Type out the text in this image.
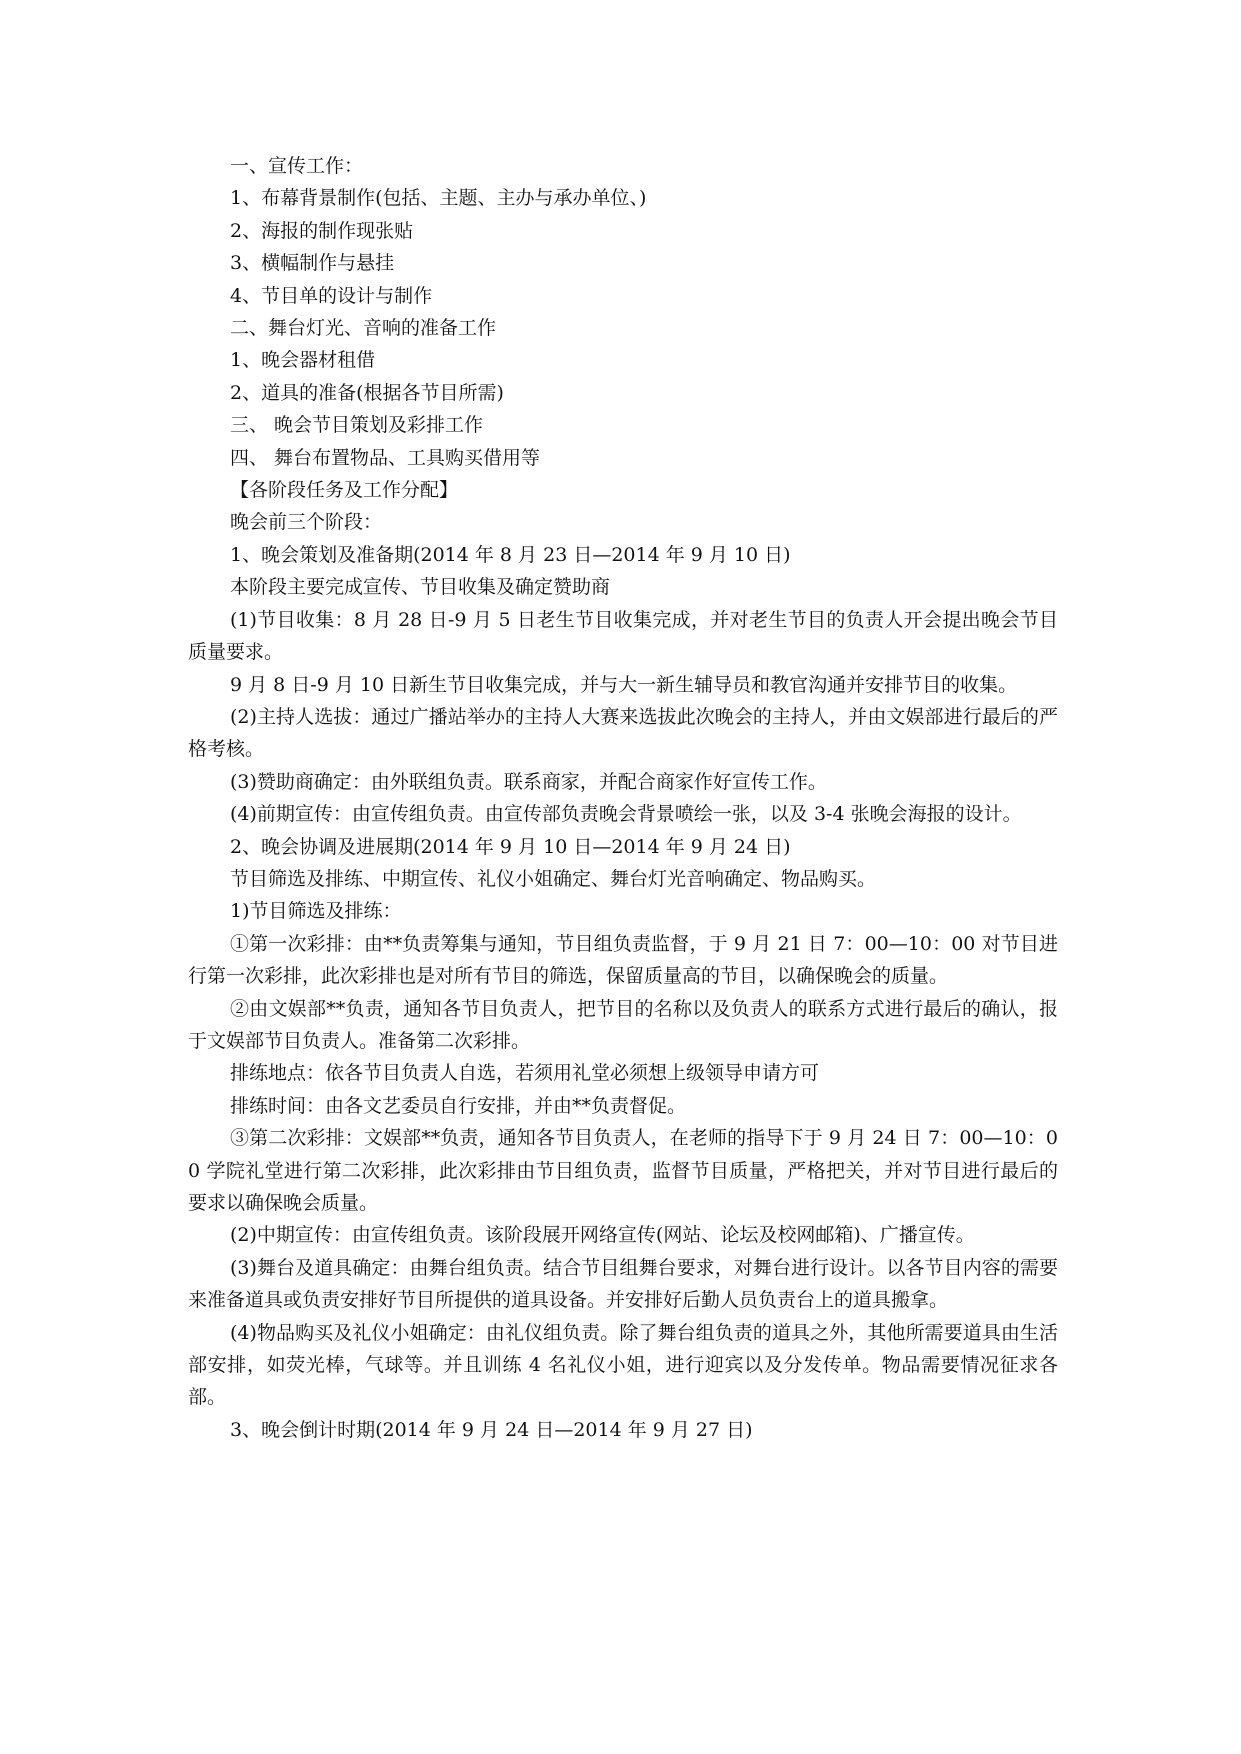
一、宣传工作：

1、布幕背景制作(包括、主题、主办与承办单位、)

2、海报的制作现张贴

3、横幅制作与悬挂

4、节目单的设计与制作

二、舞台灯光、音响的准备工作

1、晚会器材租借

2、道具的准备(根据各节目所需)

三、 晚会节目策划及彩排工作

四、 舞台布置物品、工具购买借用等

【各阶段任务及工作分配】

晚会前三个阶段：

1、晚会策划及准备期(2014 年 8 月 23 日—2014 年 9 月 10 日)

本阶段主要完成宣传、节目收集及确定赞助商

(1)节目收集：8 月 28 日-9 月 5 日老生节目收集完成，并对老生节目的负责人开会提出晚会节目质量要求。

9 月 8 日-9 月 10 日新生节目收集完成，并与大一新生辅导员和教官沟通并安排节目的收集。

(2)主持人选拔：通过广播站举办的主持人大赛来选拔此次晚会的主持人，并由文娱部进行最后的严格考核。

(3)赞助商确定：由外联组负责。联系商家，并配合商家作好宣传工作。

(4)前期宣传：由宣传组负责。由宣传部负责晚会背景喷绘一张，以及 3-4 张晚会海报的设计。

2、晚会协调及进展期(2014 年 9 月 10 日—2014 年 9 月 24 日)

节目筛选及排练、中期宣传、礼仪小姐确定、舞台灯光音响确定、物品购买。

1)节目筛选及排练：

①第一次彩排：由**负责筹集与通知，节目组负责监督，于 9 月 21 日 7：00—10：00 对节目进行第一次彩排，此次彩排也是对所有节目的筛选，保留质量高的节目，以确保晚会的质量。

②由文娱部**负责，通知各节目负责人，把节目的名称以及负责人的联系方式进行最后的确认，报于文娱部节目负责人。准备第二次彩排。

排练地点：依各节目负责人自选，若须用礼堂必须想上级领导申请方可

排练时间：由各文艺委员自行安排，并由**负责督促。

③第二次彩排：文娱部**负责，通知各节目负责人，在老师的指导下于 9 月 24 日 7：00—10：00 学院礼堂进行第二次彩排，此次彩排由节目组负责，监督节目质量，严格把关，并对节目进行最后的要求以确保晚会质量。

(2)中期宣传：由宣传组负责。该阶段展开网络宣传(网站、论坛及校网邮箱)、广播宣传。

(3)舞台及道具确定：由舞台组负责。结合节目组舞台要求，对舞台进行设计。以各节目内容的需要来准备道具或负责安排好节目所提供的道具设备。并安排好后勤人员负责台上的道具搬拿。

(4)物品购买及礼仪小姐确定：由礼仪组负责。除了舞台组负责的道具之外，其他所需要道具由生活部安排，如荧光棒，气球等。并且训练 4 名礼仪小姐，进行迎宾以及分发传单。物品需要情况征求各部。

3、晚会倒计时期(2014 年 9 月 24 日—2014 年 9 月 27 日)
